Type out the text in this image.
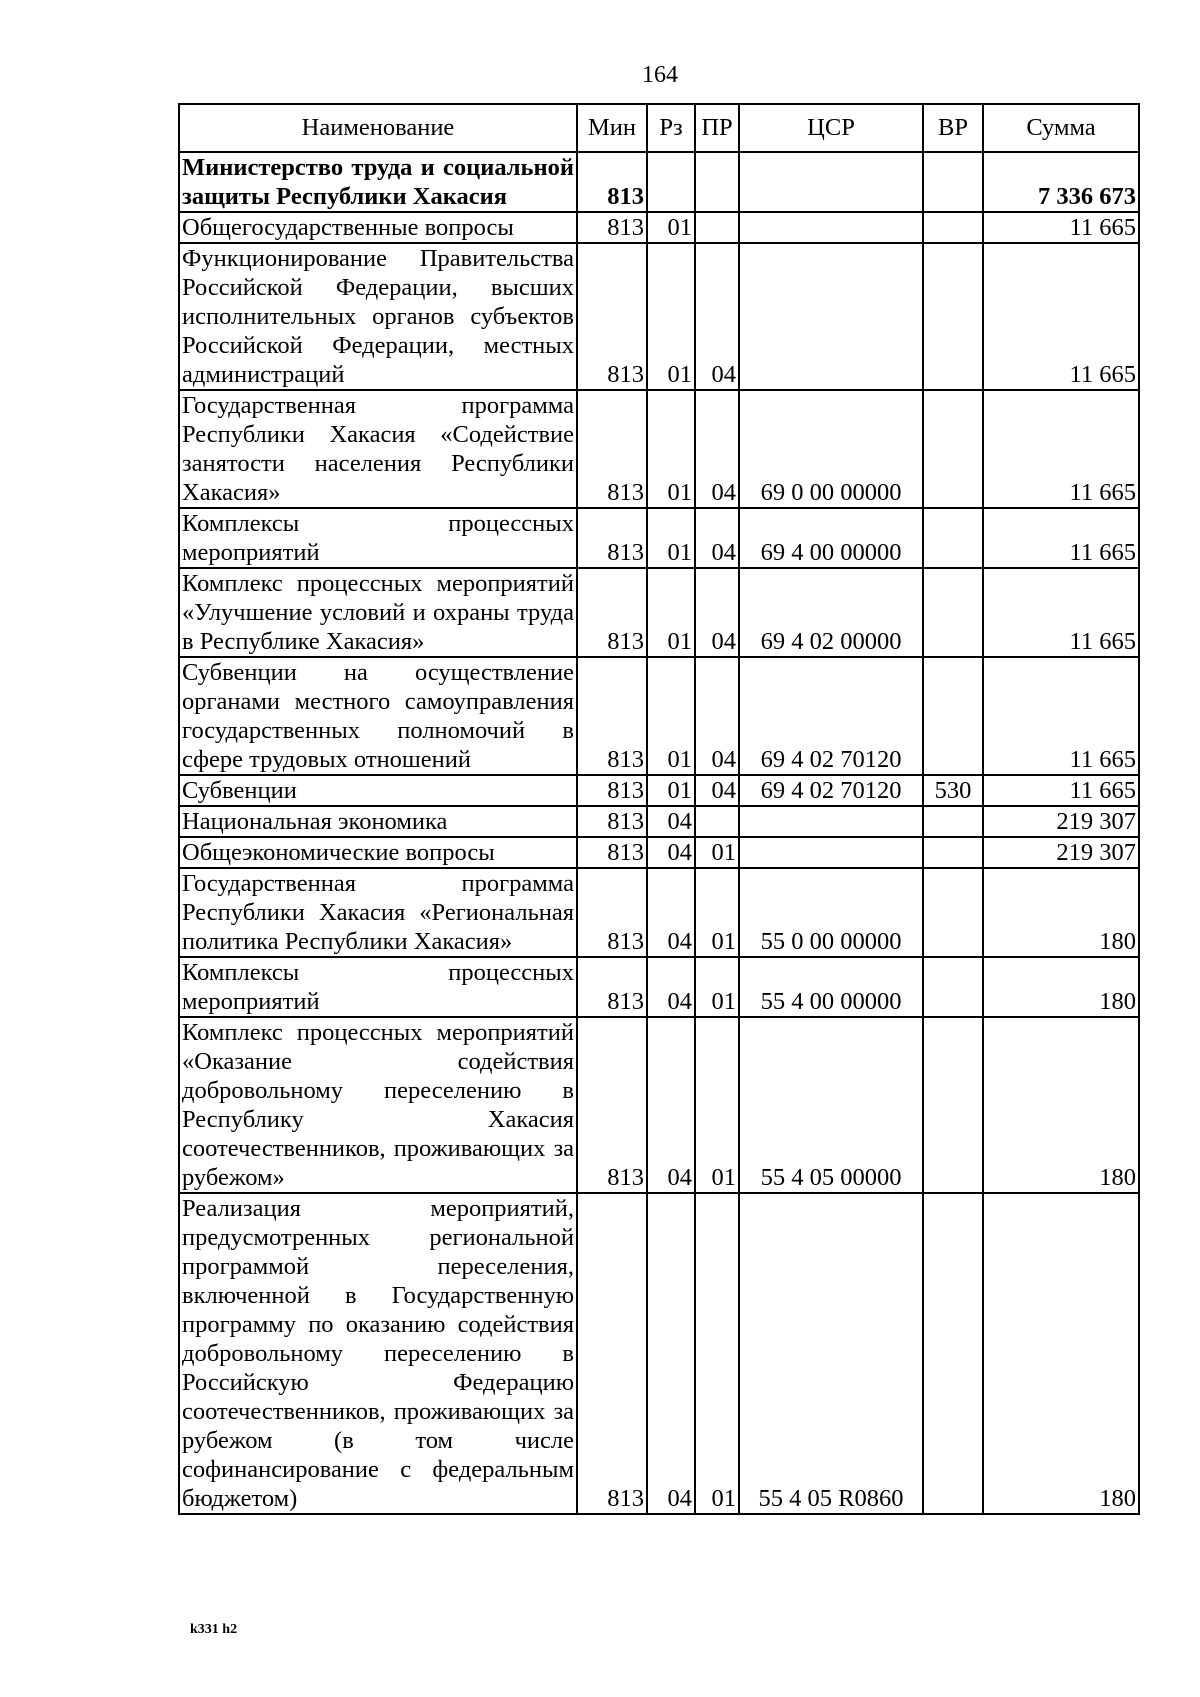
164
Наименование	Мин	Рз	ПР	ЦСР	ВР	Сумма
Министерство труда и социальной защиты Республики Хакасия	813					7 336 673
Общегосударственные вопросы	813	01				11 665
Функционирование Правительства Российской Федерации, высших исполнительных органов субъектов Российской Федерации, местных администраций	813	01	04			11 665
Государственная программа Республики Хакасия «Содействие занятости населения Республики Хакасия»	813	01	04	69 0 00 00000		11 665
Комплексы процессных мероприятий	813	01	04	69 4 00 00000		11 665
Комплекс процессных мероприятий «Улучшение условий и охраны труда в Республике Хакасия»	813	01	04	69 4 02 00000		11 665
Субвенции на осуществление органами местного самоуправления государственных полномочий в сфере трудовых отношений	813	01	04	69 4 02 70120		11 665
Субвенции	813	01	04	69 4 02 70120	530	11 665
Национальная экономика	813	04				219 307
Общеэкономические вопросы	813	04	01			219 307
Государственная программа Республики Хакасия «Региональная политика Республики Хакасия»	813	04	01	55 0 00 00000		180
Комплексы процессных мероприятий	813	04	01	55 4 00 00000		180
Комплекс процессных мероприятий «Оказание содействия добровольному переселению в Республику Хакасия соотечественников, проживающих за рубежом»	813	04	01	55 4 05 00000		180
Реализация мероприятий, предусмотренных региональной программой переселения, включенной в Государственную программу по оказанию содействия добровольному переселению в Российскую Федерацию соотечественников, проживающих за рубежом (в том числе софинансирование с федеральным бюджетом)	813	04	01	55 4 05 R0860		180
k331 h2
